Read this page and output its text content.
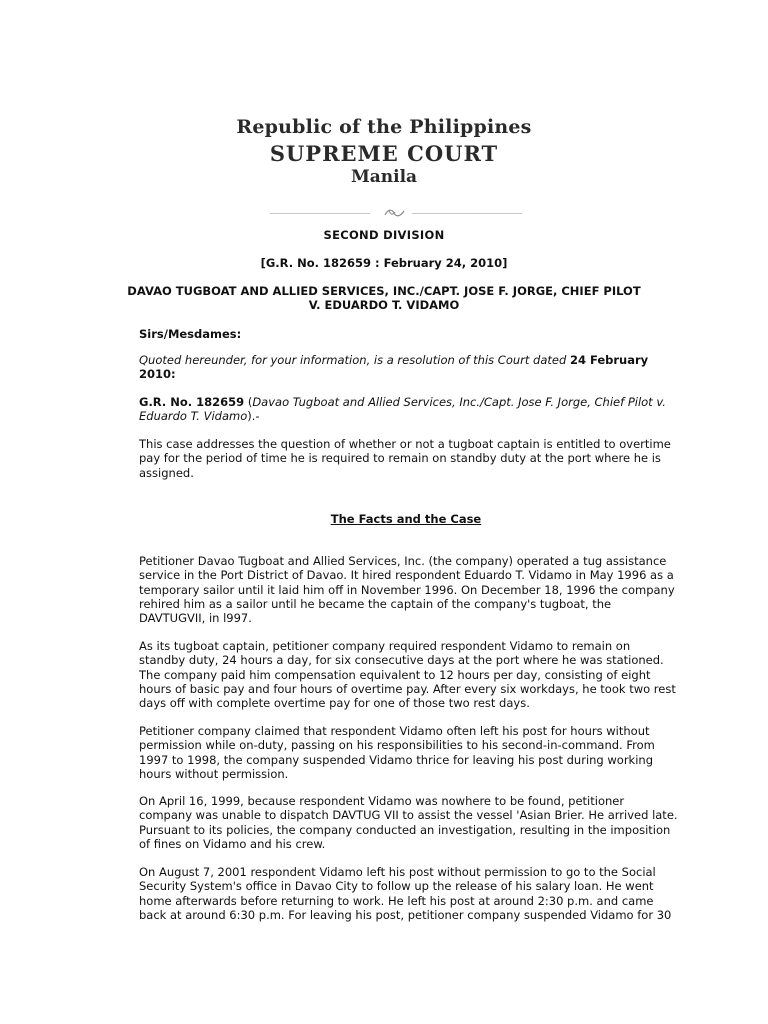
Republic of the Philippines
SUPREME COURT
Manila
SECOND DIVISION
[G.R. No. 182659 : February 24, 2010]
DAVAO TUGBOAT AND ALLIED SERVICES, INC./CAPT. JOSE F. JORGE, CHIEF PILOT
V. EDUARDO T. VIDAMO
Sirs/Mesdames:
Quoted hereunder, for your information, is a resolution of this Court dated 24 February 2010:
G.R. No. 182659 (Davao Tugboat and Allied Services, Inc./Capt. Jose F. Jorge, Chief Pilot v. Eduardo T. Vidamo).-
This case addresses the question of whether or not a tugboat captain is entitled to overtime pay for the period of time he is required to remain on standby duty at the port where he is assigned.
The Facts and the Case
Petitioner Davao Tugboat and Allied Services, Inc. (the company) operated a tug assistance service in the Port District of Davao. It hired respondent Eduardo T. Vidamo in May 1996 as a temporary sailor until it laid him off in November 1996. On December 18, 1996 the company rehired him as a sailor until he became the captain of the company's tugboat, the DAVTUGVII, in l997.
As its tugboat captain, petitioner company required respondent Vidamo to remain on standby duty, 24 hours a day, for six consecutive days at the port where he was stationed. The company paid him compensation equivalent to 12 hours per day, consisting of eight hours of basic pay and four hours of overtime pay. After every six workdays, he took two rest days off with complete overtime pay for one of those two rest days.
Petitioner company claimed that respondent Vidamo often left his post for hours without permission while on-duty, passing on his responsibilities to his second-in-command. From 1997 to 1998, the company suspended Vidamo thrice for leaving his post during working hours without permission.
On April 16, 1999, because respondent Vidamo was nowhere to be found, petitioner company was unable to dispatch DAVTUG VII to assist the vessel 'Asian Brier. He arrived late. Pursuant to its policies, the company conducted an investigation, resulting in the imposition of fines on Vidamo and his crew.
On August 7, 2001 respondent Vidamo left his post without permission to go to the Social Security System's office in Davao City to follow up the release of his salary loan. He went home afterwards before returning to work. He left his post at around 2:30 p.m. and came back at around 6:30 p.m. For leaving his post, petitioner company suspended Vidamo for 30
